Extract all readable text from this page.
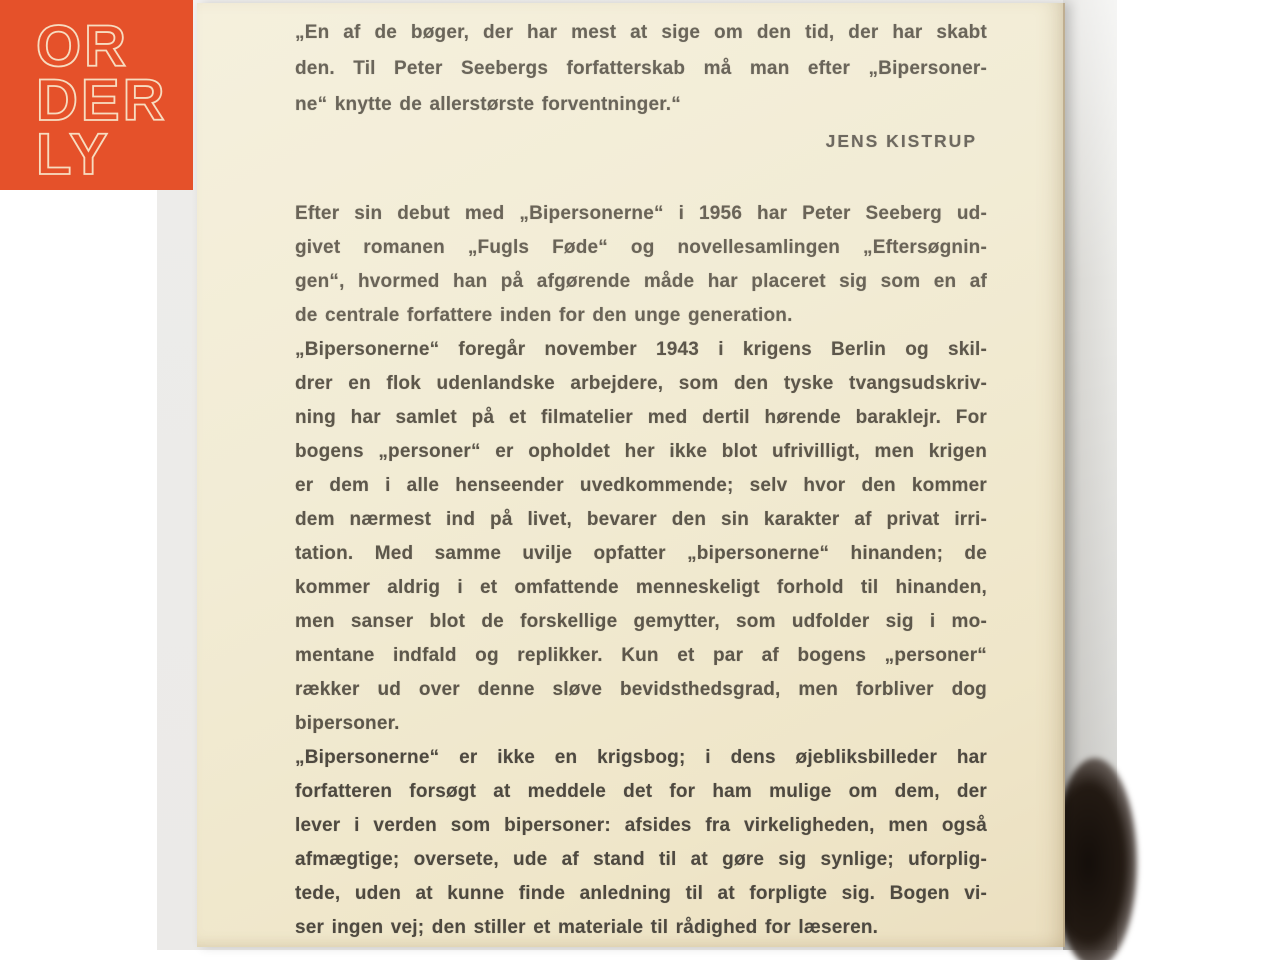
„En af de bøger, der har mest at sige om den tid, der har skabt
den. Til Peter Seebergs forfatterskab må man efter „Bipersoner-
ne“ knytte de allerstørste forventninger.“
JENS KISTRUP
Efter sin debut med „Bipersonerne“ i 1956 har Peter Seeberg ud-
givet romanen „Fugls Føde“ og novellesamlingen „Eftersøgnin-
gen“, hvormed han på afgørende måde har placeret sig som en af
de centrale forfattere inden for den unge generation.
„Bipersonerne“ foregår november 1943 i krigens Berlin og skil-
drer en flok udenlandske arbejdere, som den tyske tvangsudskriv-
ning har samlet på et filmatelier med dertil hørende baraklejr. For
bogens „personer“ er opholdet her ikke blot ufrivilligt, men krigen
er dem i alle henseender uvedkommende; selv hvor den kommer
dem nærmest ind på livet, bevarer den sin karakter af privat irri-
tation. Med samme uvilje opfatter „bipersonerne“ hinanden; de
kommer aldrig i et omfattende menneskeligt forhold til hinanden,
men sanser blot de forskellige gemytter, som udfolder sig i mo-
mentane indfald og replikker. Kun et par af bogens „personer“
rækker ud over denne sløve bevidsthedsgrad, men forbliver dog
bipersoner.
„Bipersonerne“ er ikke en krigsbog; i dens øjebliksbilleder har
forfatteren forsøgt at meddele det for ham mulige om dem, der
lever i verden som bipersoner: afsides fra virkeligheden, men også
afmægtige; oversete, ude af stand til at gøre sig synlige; uforplig-
tede, uden at kunne finde anledning til at forpligte sig. Bogen vi-
ser ingen vej; den stiller et materiale til rådighed for læseren.
OR
DER
LY
